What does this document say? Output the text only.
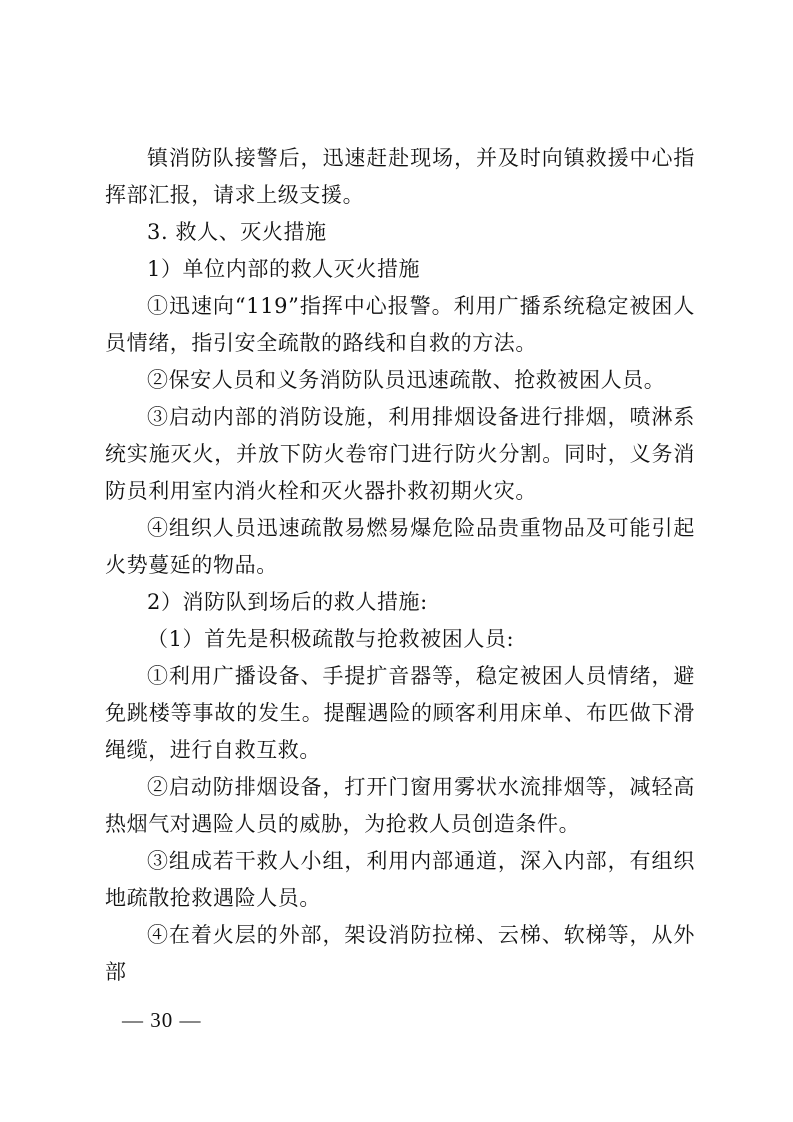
镇消防队接警后，迅速赶赴现场，并及时向镇救援中心指挥部汇报，请求上级支援。

3. 救人、灭火措施

1）单位内部的救人灭火措施

①迅速向“119”指挥中心报警。利用广播系统稳定被困人员情绪，指引安全疏散的路线和自救的方法。

②保安人员和义务消防队员迅速疏散、抢救被困人员。

③启动内部的消防设施，利用排烟设备进行排烟，喷淋系统实施灭火，并放下防火卷帘门进行防火分割。同时，义务消防员利用室内消火栓和灭火器扑救初期火灾。

④组织人员迅速疏散易燃易爆危险品贵重物品及可能引起火势蔓延的物品。

2）消防队到场后的救人措施:

（1）首先是积极疏散与抢救被困人员:

①利用广播设备、手提扩音器等，稳定被困人员情绪，避免跳楼等事故的发生。提醒遇险的顾客利用床单、布匹做下滑绳缆，进行自救互救。

②启动防排烟设备，打开门窗用雾状水流排烟等，减轻高热烟气对遇险人员的威胁，为抢救人员创造条件。

③组成若干救人小组，利用内部通道，深入内部，有组织地疏散抢救遇险人员。

④在着火层的外部，架设消防拉梯、云梯、软梯等，从外部

— 30 —
